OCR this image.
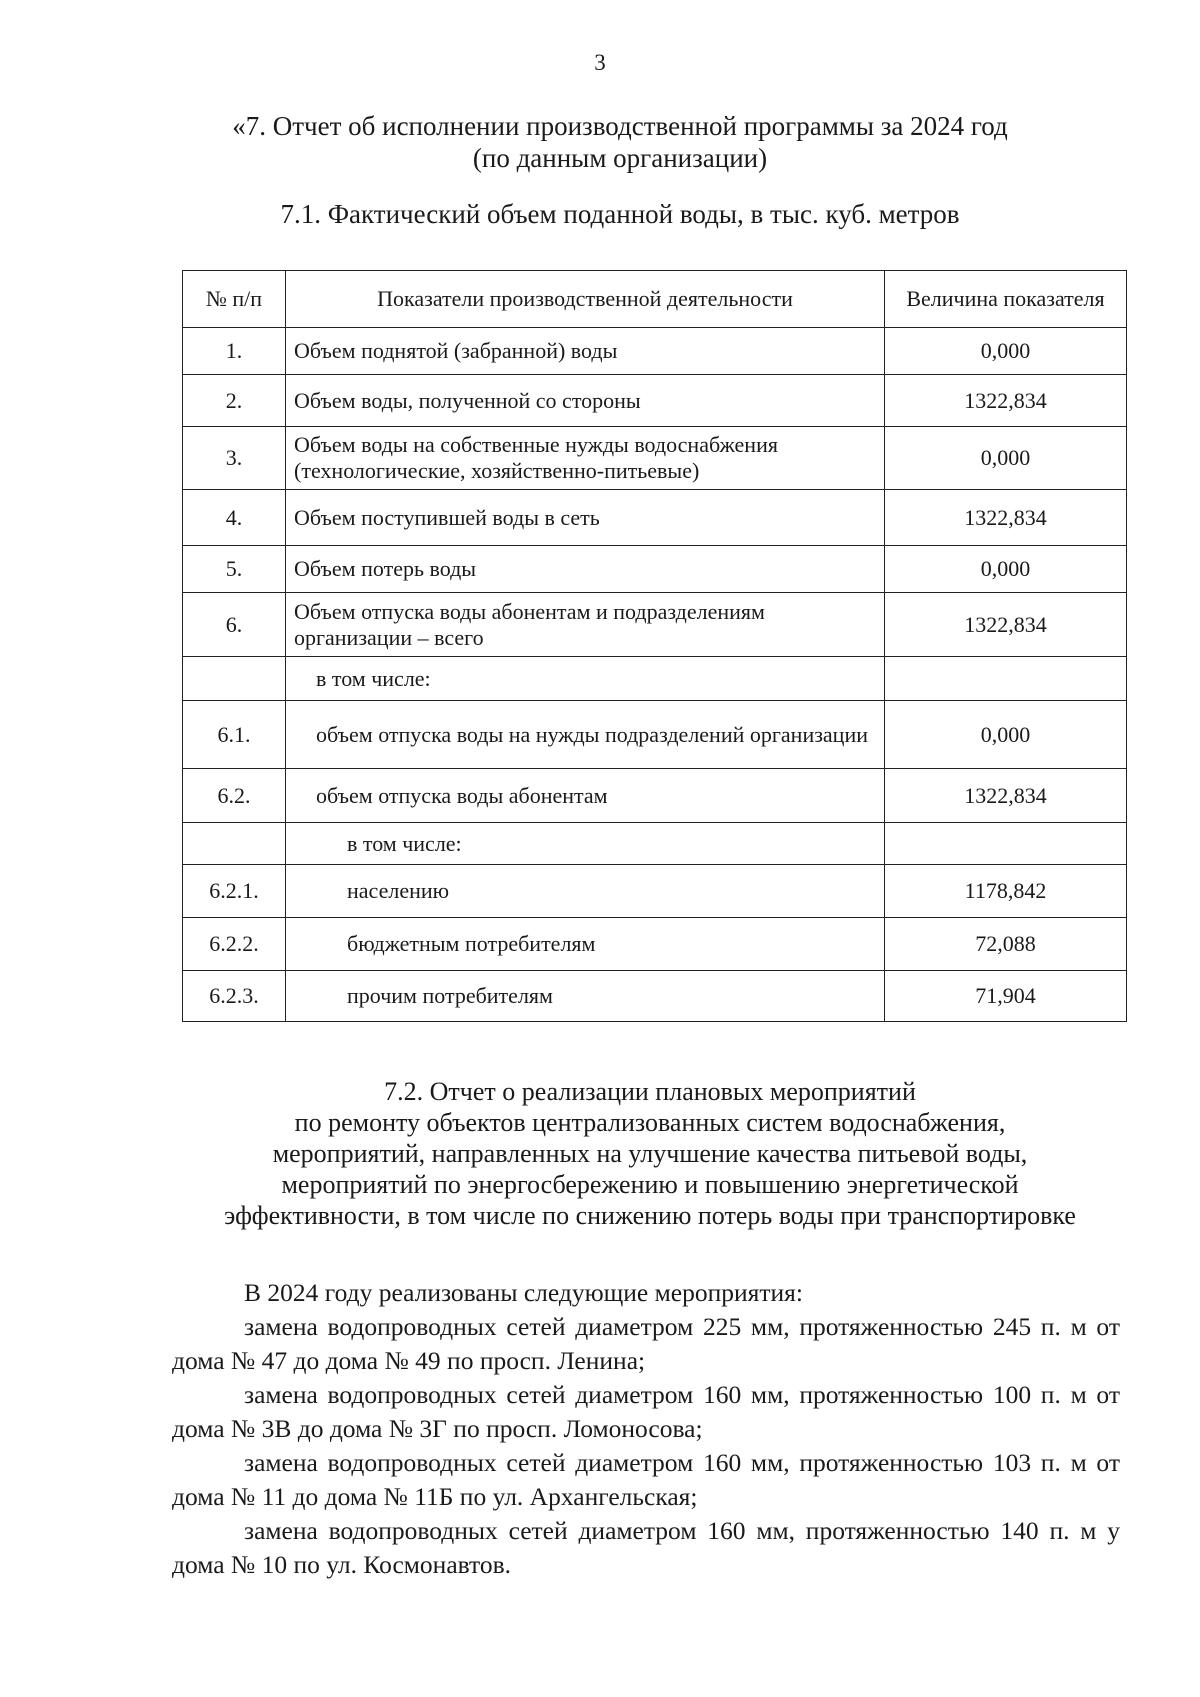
3
«7. Отчет об исполнении производственной программы за 2024 год
(по данным организации)
7.1. Фактический объем поданной воды, в тыс. куб. метров
№ п/п	Показатели производственной деятельности	Величина показателя
1.	Объем поднятой (забранной) воды	0,000
2.	Объем воды, полученной со стороны	1322,834
3.	Объем воды на собственные нужды водоснабжения (технологические, хозяйственно-питьевые)	0,000
4.	Объем поступившей воды в сеть	1322,834
5.	Объем потерь воды	0,000
6.	Объем отпуска воды абонентам и подразделениям организации – всего	1322,834
	в том числе:	
6.1.	объем отпуска воды на нужды подразделений организации	0,000
6.2.	объем отпуска воды абонентам	1322,834
	в том числе:	
6.2.1.	населению	1178,842
6.2.2.	бюджетным потребителям	72,088
6.2.3.	прочим потребителям	71,904
7.2. Отчет о реализации плановых мероприятий
по ремонту объектов централизованных систем водоснабжения,
мероприятий, направленных на улучшение качества питьевой воды,
мероприятий по энергосбережению и повышению энергетической
эффективности, в том числе по снижению потерь воды при транспортировке
В 2024 году реализованы следующие мероприятия:
замена водопроводных сетей диаметром 225 мм, протяженностью 245 п. м от дома № 47 до дома № 49 по просп. Ленина;
замена водопроводных сетей диаметром 160 мм, протяженностью 100 п. м от дома № 3В до дома № 3Г по просп. Ломоносова;
замена водопроводных сетей диаметром 160 мм, протяженностью 103 п. м от дома № 11 до дома № 11Б по ул. Архангельская;
замена водопроводных сетей диаметром 160 мм, протяженностью 140 п. м у дома № 10 по ул. Космонавтов.
